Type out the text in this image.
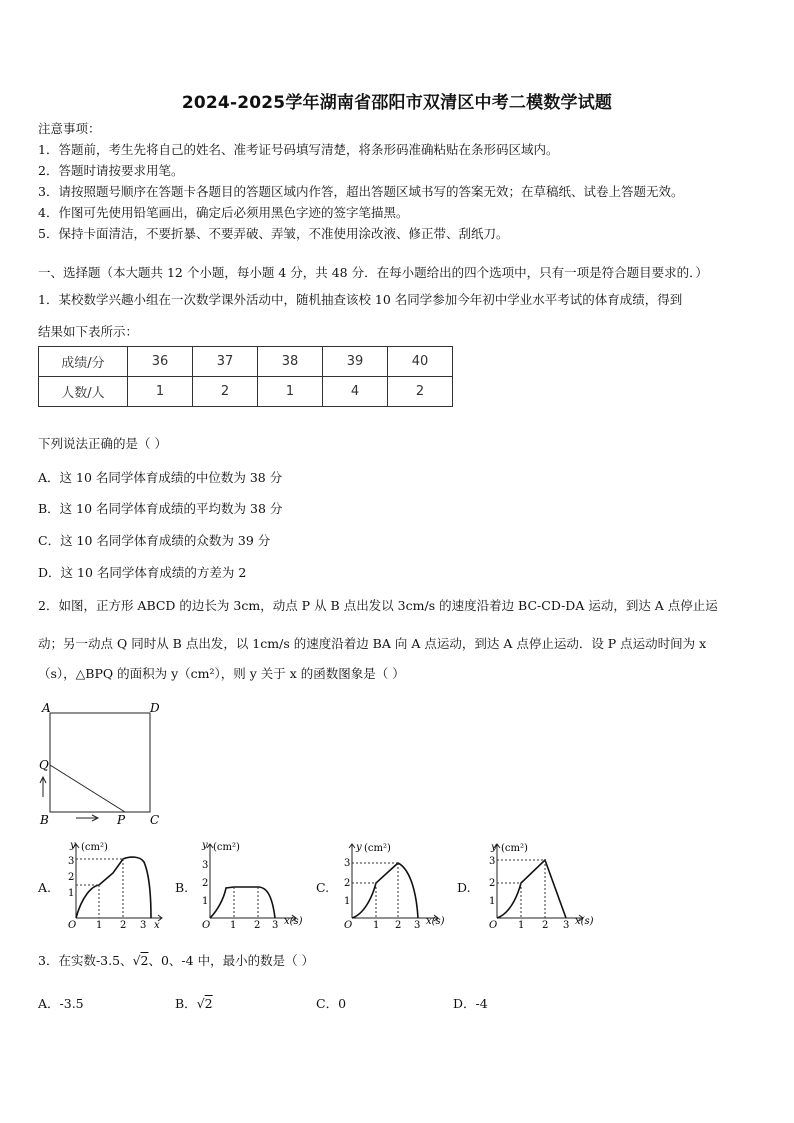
2024-2025学年湖南省邵阳市双清区中考二模数学试题
注意事项：
1．答题前，考生先将自己的姓名、准考证号码填写清楚，将条形码准确粘贴在条形码区域内。
2．答题时请按要求用笔。
3．请按照题号顺序在答题卡各题目的答题区域内作答，超出答题区域书写的答案无效；在草稿纸、试卷上答题无效。
4．作图可先使用铅笔画出，确定后必须用黑色字迹的签字笔描黑。
5．保持卡面清洁，不要折暴、不要弄破、弄皱，不准使用涂改液、修正带、刮纸刀。
一、选择题（本大题共 12 个小题，每小题 4 分，共 48 分．在每小题给出的四个选项中，只有一项是符合题目要求的．）
1．某校数学兴趣小组在一次数学课外活动中，随机抽查该校 10 名同学参加今年初中学业水平考试的体育成绩，得到
结果如下表所示：
成绩/分	36	37	38	39	40
人数/人	1	2	1	4	2
下列说法正确的是（ ）
A．这 10 名同学体育成绩的中位数为 38 分
B．这 10 名同学体育成绩的平均数为 38 分
C．这 10 名同学体育成绩的众数为 39 分
D．这 10 名同学体育成绩的方差为 2
2．如图，正方形 ABCD 的边长为 3cm，动点 P 从 B 点出发以 3cm/s 的速度沿着边 BC-CD-DA 运动，到达 A 点停止运
动；另一动点 Q 同时从 B 点出发，以 1cm/s 的速度沿着边 BA 向 A 点运动，到达 A 点停止运动．设 P 点运动时间为 x
（s），△BPQ 的面积为 y（cm²），则 y 关于 x 的函数图象是（ ）
A	D
Q
B	P C
A.	B.	C.	D.
y (cm²)
3
2
1
O 1 2 3 x
y (cm²)
3
2
1
O 1 2 3 x(s)
y (cm²)
3
2
1
O 1 2 3 x(s)
y (cm²)
3
2
1
O 1 2 3 x(s)
3．在实数-3.5、√2、0、-4 中，最小的数是（ ）
A．-3.5	B．√2	C．0	D．-4
